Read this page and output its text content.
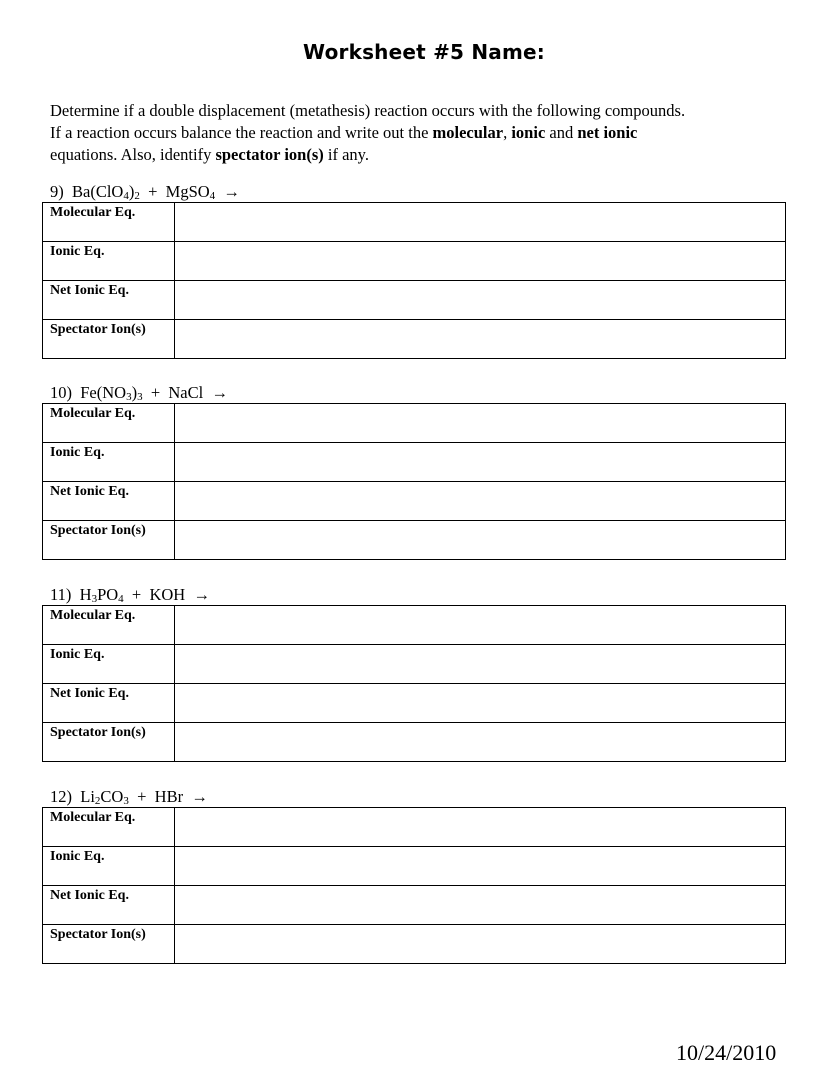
Worksheet #5 Name:

Determine if a double displacement (metathesis) reaction occurs with the following compounds.

If a reaction occurs balance the reaction and write out the molecular, ionic and net ionic

equations. Also, identify spectator ion(s) if any.

9) $Ba(ClO_4)_2$ + MgSO$_4$ →
Molecular Eq.	
Ionic Eq.	
Net Ionic Eq.	
Spectator Ion(s)	
10) $Fe(NO_3)_3$ + NaCl →
Molecular Eq.	
Ionic Eq.	
Net Ionic Eq.	
Spectator Ion(s)	
11) $H_3PO_4$ + KOH →
Molecular Eq.	
Ionic Eq.	
Net Ionic Eq.	
Spectator Ion(s)	
12) $Li_2CO_3$ + HBr →
Molecular Eq.	
Ionic Eq.	
Net Ionic Eq.	
Spectator Ion(s)	
10/24/2010
